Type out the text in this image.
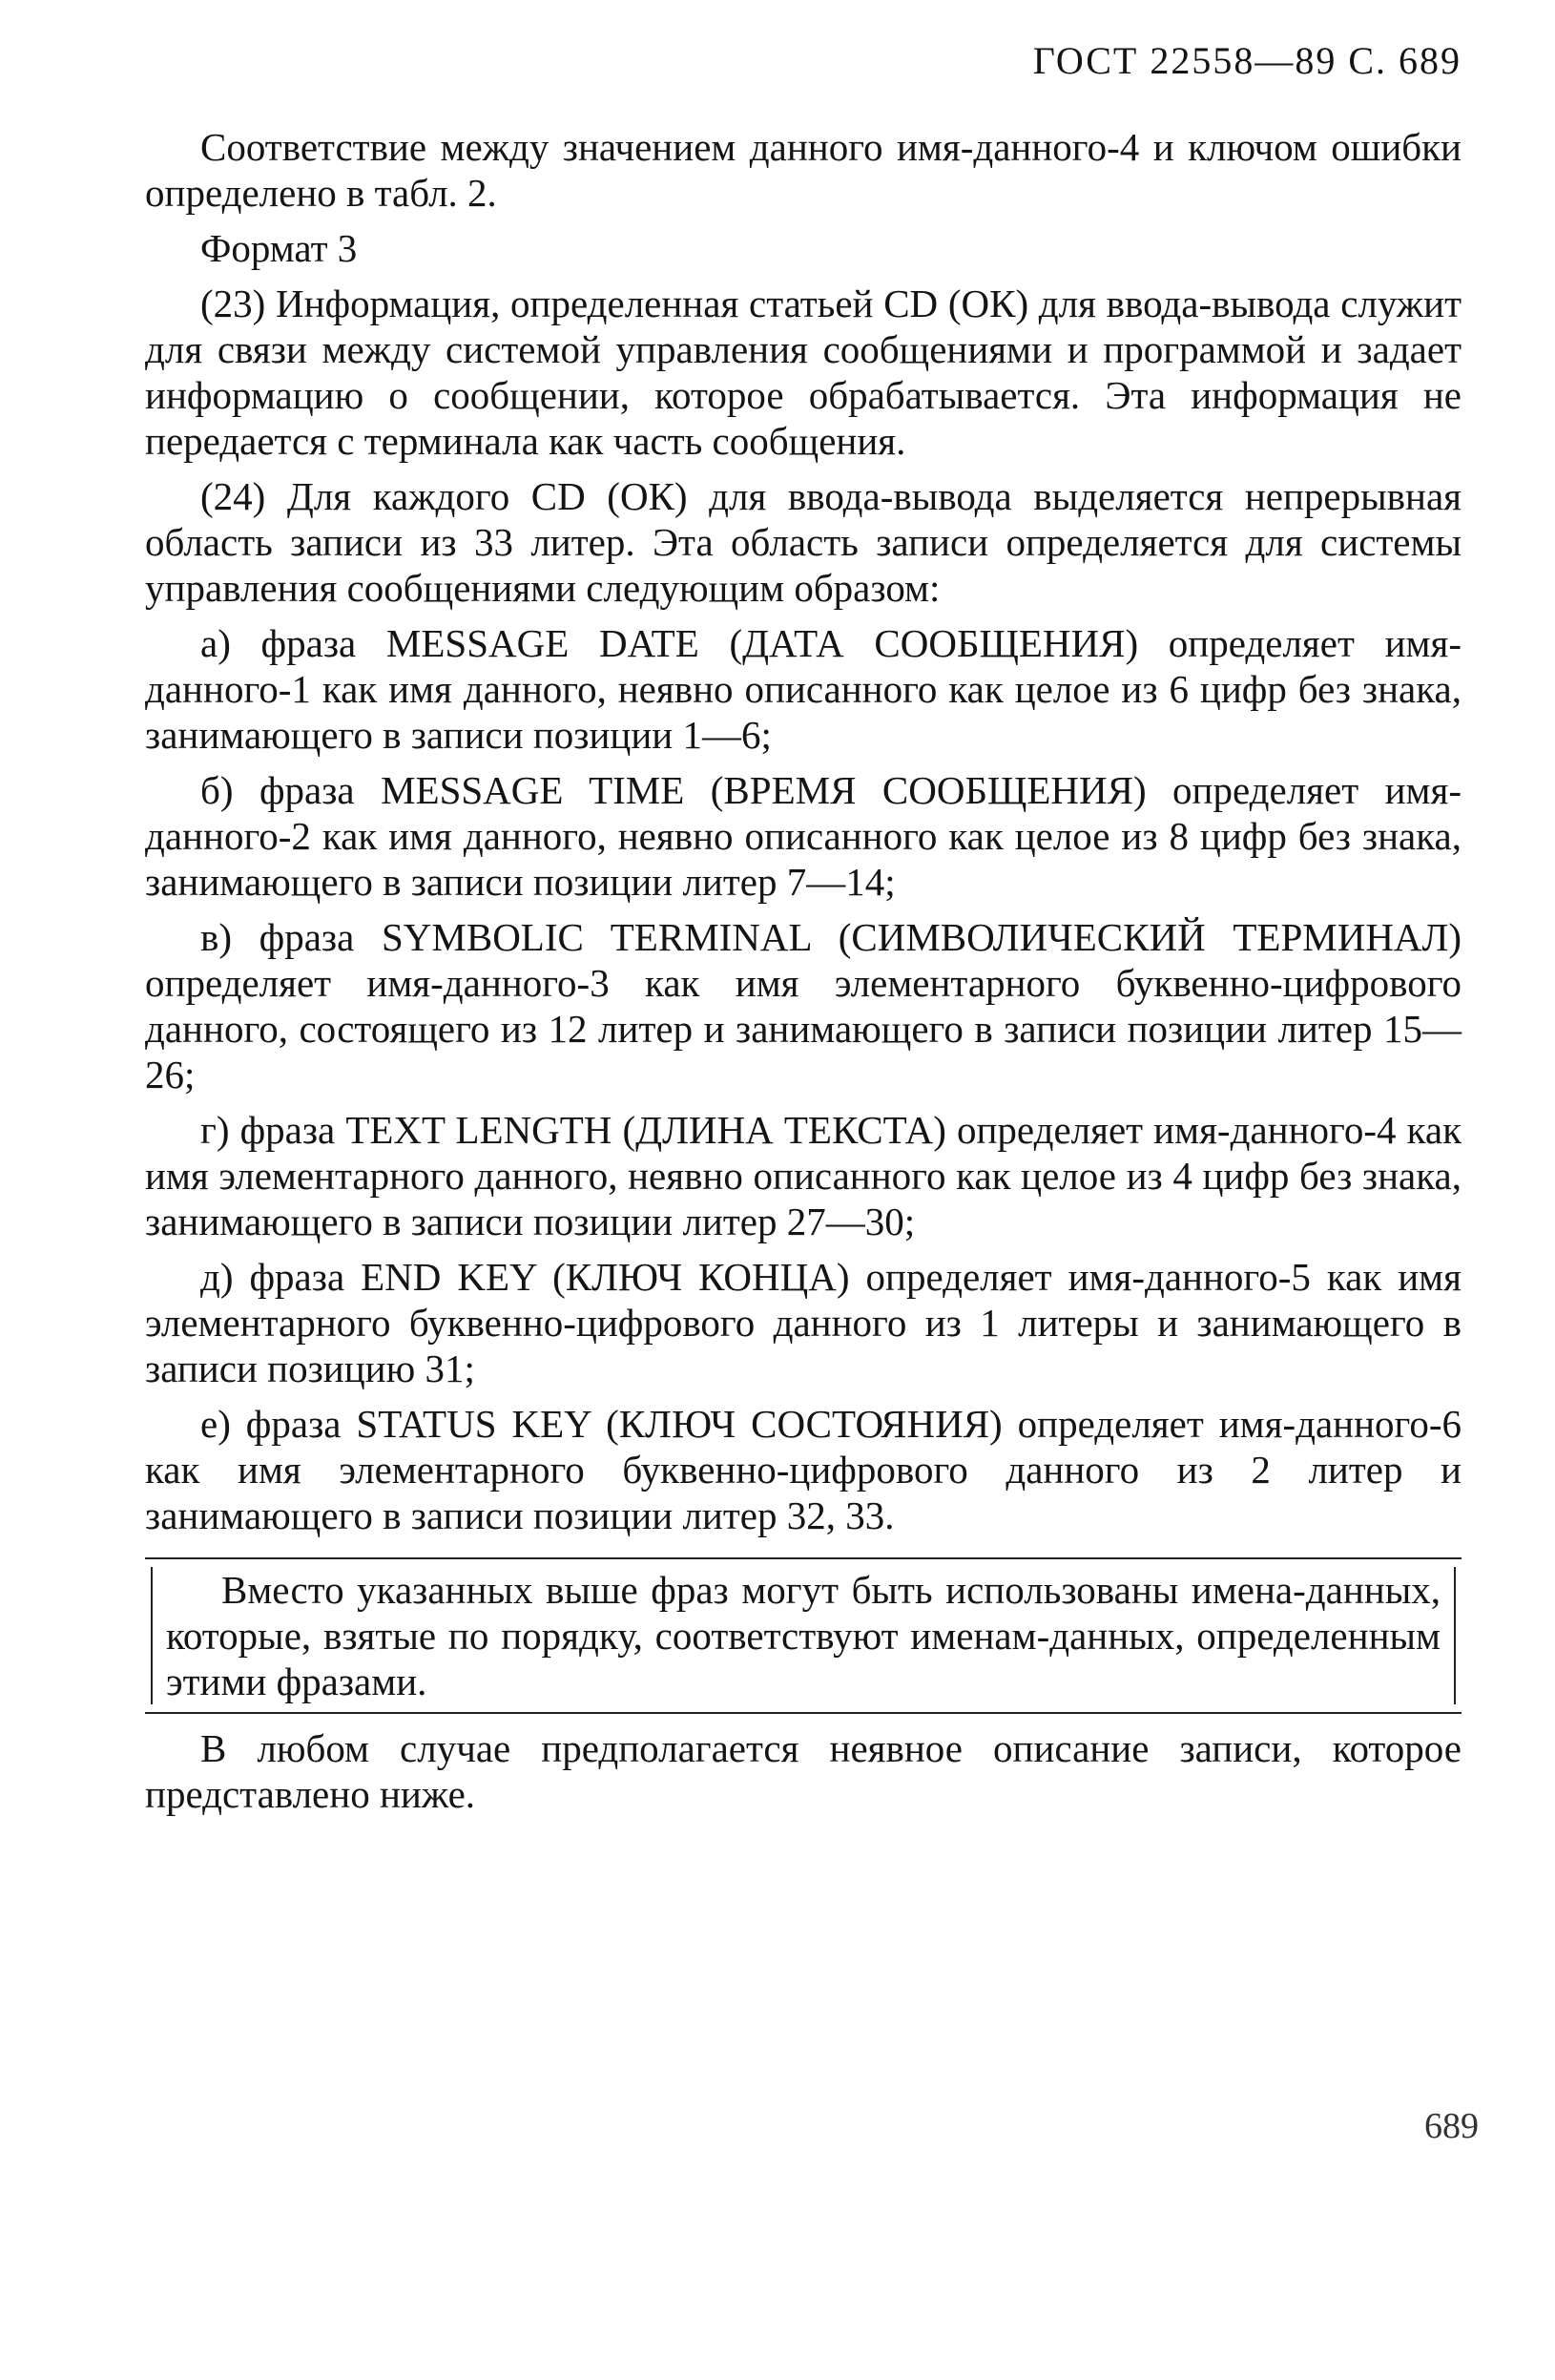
ГОСТ 22558—89 С. 689

Соответствие между значением данного имя-данного-4 и ключом ошибки определено в табл. 2.

Формат 3

(23) Информация, определенная статьей CD (ОК) для ввода-вывода служит для связи между системой управления сообщениями и программой и задает информацию о сообщении, которое обрабатывается. Эта информация не передается с терминала как часть сообщения.

(24) Для каждого CD (ОК) для ввода-вывода выделяется непрерывная область записи из 33 литер. Эта область записи определяется для системы управления сообщениями следующим образом:

а) фраза MESSAGE DATE (ДАТА СООБЩЕНИЯ) определяет имя-данного-1 как имя данного, неявно описанного как целое из 6 цифр без знака, занимающего в записи позиции 1—6;

б) фраза MESSAGE TIME (ВРЕМЯ СООБЩЕНИЯ) определяет имя-данного-2 как имя данного, неявно описанного как целое из 8 цифр без знака, занимающего в записи позиции литер 7—14;

в) фраза SYMBOLIC TERMINAL (СИМВОЛИЧЕСКИЙ ТЕРМИНАЛ) определяет имя-данного-3 как имя элементарного буквенно-цифрового данного, состоящего из 12 литер и занимающего в записи позиции литер 15—26;

г) фраза TEXT LENGTH (ДЛИНА ТЕКСТА) определяет имя-данного-4 как имя элементарного данного, неявно описанного как целое из 4 цифр без знака, занимающего в записи позиции литер 27—30;

д) фраза END KEY (КЛЮЧ КОНЦА) определяет имя-данного-5 как имя элементарного буквенно-цифрового данного из 1 литеры и занимающего в записи позицию 31;

е) фраза STATUS KEY (КЛЮЧ СОСТОЯНИЯ) определяет имя-данного-6 как имя элементарного буквенно-цифрового данного из 2 литер и занимающего в записи позиции литер 32, 33.

Вместо указанных выше фраз могут быть использованы имена-данных, которые, взятые по порядку, соответствуют именам-данных, определенным этими фразами.

В любом случае предполагается неявное описание записи, которое представлено ниже.

689
